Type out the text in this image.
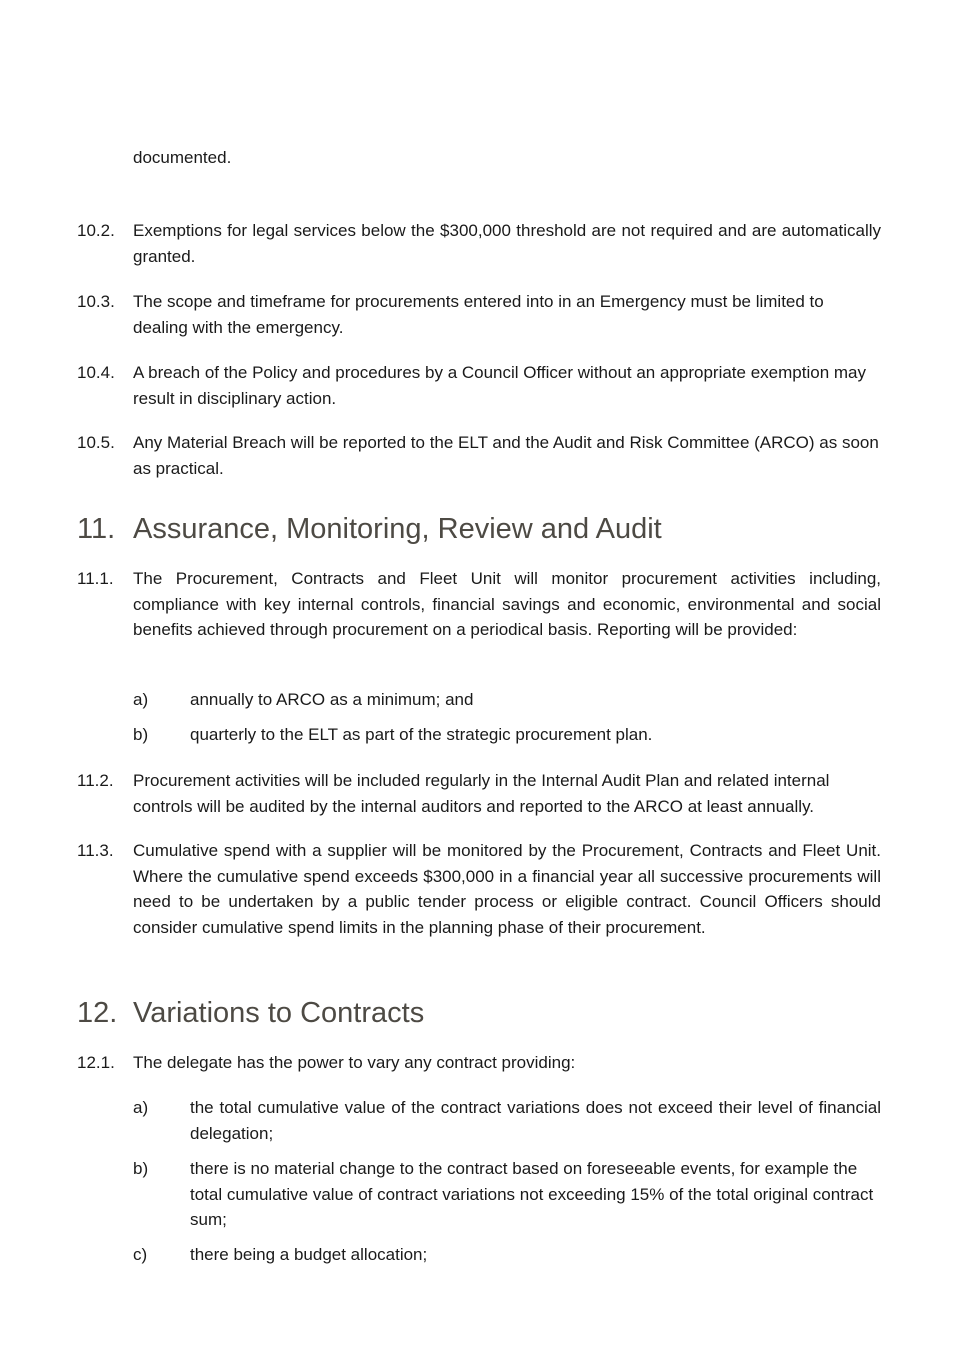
documented.
10.2. Exemptions for legal services below the $300,000 threshold are not required and are automatically granted.
10.3. The scope and timeframe for procurements entered into in an Emergency must be limited to dealing with the emergency.
10.4. A breach of the Policy and procedures by a Council Officer without an appropriate exemption may result in disciplinary action.
10.5. Any Material Breach will be reported to the ELT and the Audit and Risk Committee (ARCO) as soon as practical.
11. Assurance, Monitoring, Review and Audit
11.1. The Procurement, Contracts and Fleet Unit will monitor procurement activities including, compliance with key internal controls, financial savings and economic, environmental and social benefits achieved through procurement on a periodical basis. Reporting will be provided:
a) annually to ARCO as a minimum; and
b) quarterly to the ELT as part of the strategic procurement plan.
11.2. Procurement activities will be included regularly in the Internal Audit Plan and related internal controls will be audited by the internal auditors and reported to the ARCO at least annually.
11.3. Cumulative spend with a supplier will be monitored by the Procurement, Contracts and Fleet Unit. Where the cumulative spend exceeds $300,000 in a financial year all successive procurements will need to be undertaken by a public tender process or eligible contract. Council Officers should consider cumulative spend limits in the planning phase of their procurement.
12. Variations to Contracts
12.1. The delegate has the power to vary any contract providing:
a) the total cumulative value of the contract variations does not exceed their level of financial delegation;
b) there is no material change to the contract based on foreseeable events, for example the total cumulative value of contract variations not exceeding 15% of the total original contract sum;
c)	there being a budget allocation;
